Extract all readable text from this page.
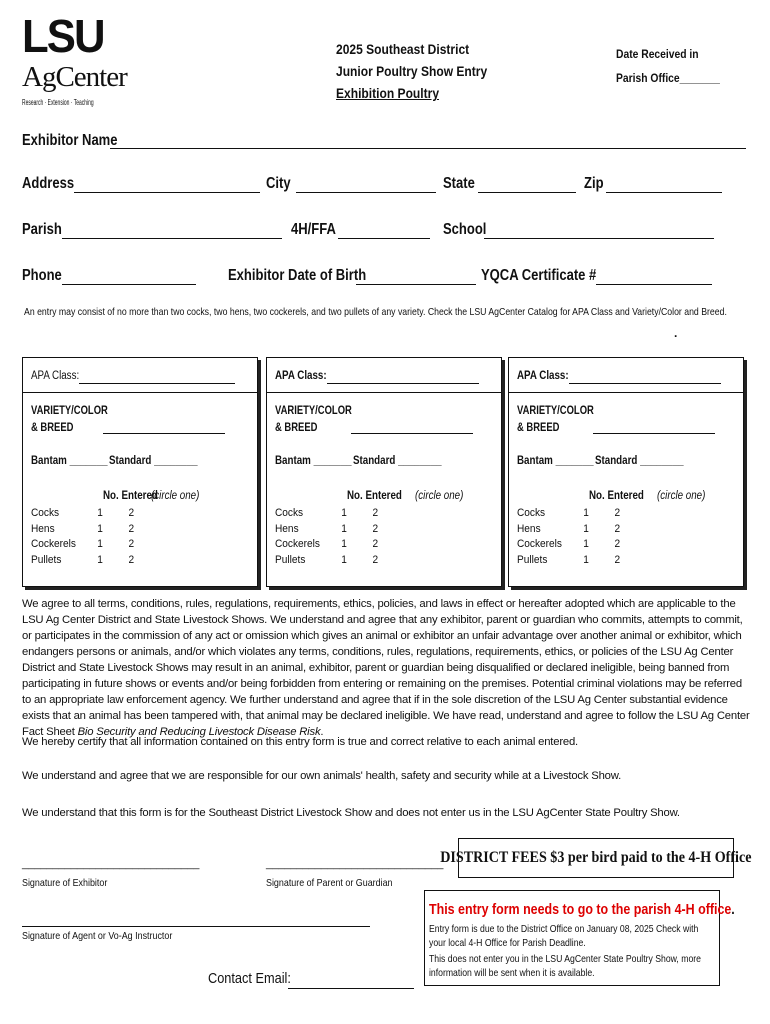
LSU
AgCenter
Research · Extension · Teaching
2025 Southeast District
Junior Poultry Show Entry
Exhibition Poultry
Date Received in
Parish Office_______
Exhibitor Name
Address	City	State	Zip
Parish	4H/FFA	School
Phone	Exhibitor Date of Birth	YQCA Certificate #
An entry may consist of no more than two cocks, two hens, two cockerels, and two pullets of any variety. Check the LSU AgCenter Catalog for APA Class and Variety/Color and Breed.
.
APA Class:
VARIETY/COLOR
& BREED
Bantam _______ Standard ________
No. Entered
(circle one)
Cocks	1 2
Hens	1 2
Cockerels 1 2
Pullets	1 2
APA Class:
VARIETY/COLOR
& BREED
Bantam _______ Standard ________
No. Entered (circle one)
Cocks	1 2
Hens	1 2
Cockerels 1 2
Pullets	1 2
APA Class:
VARIETY/COLOR
& BREED
Bantam _______ Standard ________
No. Entered (circle one)
Cocks	1 2
Hens	1 2
Cockerels 1 2
Pullets	1 2
We agree to all terms, conditions, rules, regulations, requirements, ethics, policies, and laws in effect or hereafter adopted which are applicable to the LSU Ag Center District and State Livestock Shows. We understand and agree that any exhibitor, parent or guardian who commits, attempts to commit, or participates in the commission of any act or omission which gives an animal or exhibitor an unfair advantage over another animal or exhibitor, which endangers persons or animals, and/or which violates any terms, conditions, rules, regulations, requirements, ethics, or policies of the LSU Ag Center District and State Livestock Shows may result in an animal, exhibitor, parent or guardian being disqualified or declared ineligible, being banned from participating in future shows or events and/or being forbidden from entering or remaining on the premises. Potential criminal violations may be referred to an appropriate law enforcement agency. We further understand and agree that if in the sole discretion of the LSU Ag Center substantial evidence exists that an animal has been tampered with, that animal may be declared ineligible. We have read, understand and agree to follow the LSU Ag Center Fact Sheet Bio Security and Reducing Livestock Disease Risk.
We hereby certify that all information contained on this entry form is true and correct relative to each animal entered.
We understand and agree that we are responsible for our own animals' health, safety and security while at a Livestock Show.
We understand that this form is for the Southeast District Livestock Show and does not enter us in the LSU AgCenter State Poultry Show.
_____________________________
Signature of Exhibitor
_____________________________
Signature of Parent or Guardian
Signature of Agent or Vo-Ag Instructor
Contact Email:
DISTRICT FEES $3 per bird paid to the 4-H Office
This entry form needs to go to the parish 4-H office.
Entry form is due to the District Office on January 08, 2025 Check with your local 4-H Office for Parish Deadline.
This does not enter you in the LSU AgCenter State Poultry Show, more information will be sent when it is available.
